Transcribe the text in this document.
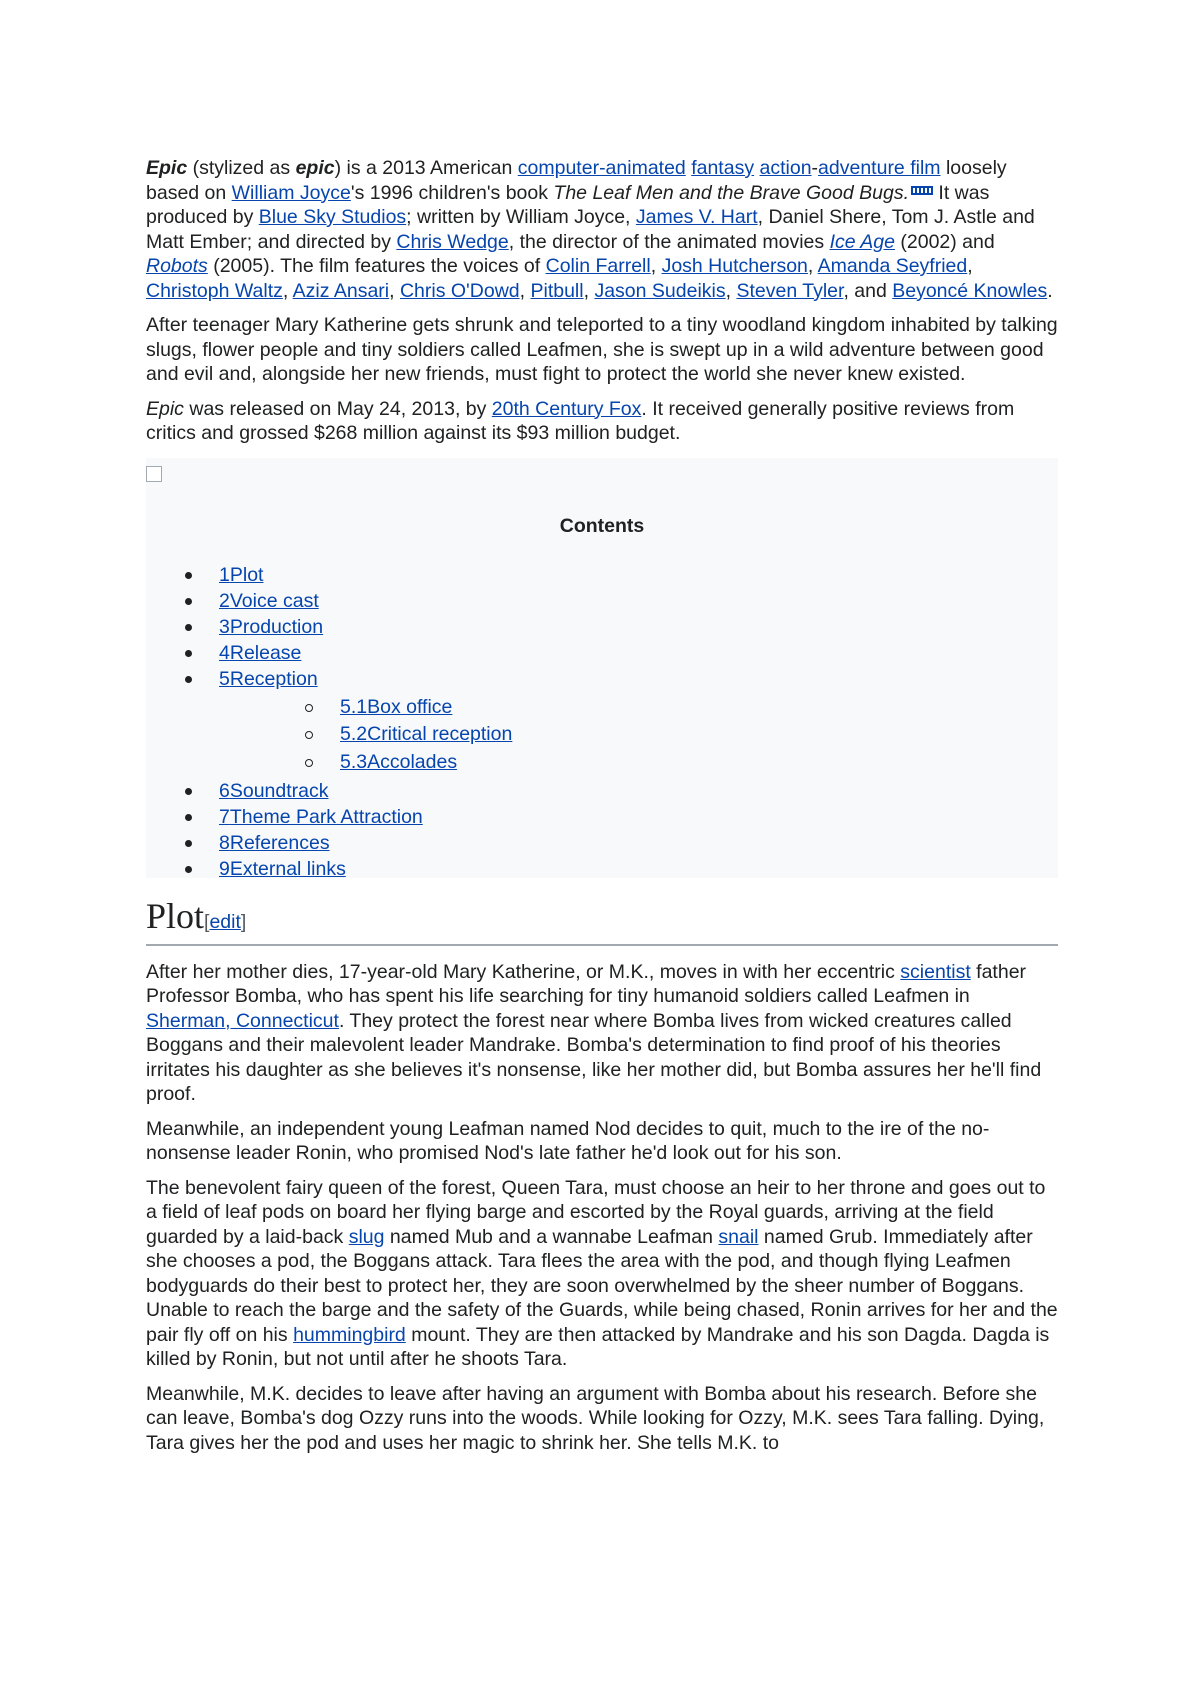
Epic (stylized as epic) is a 2013 American computer-animated fantasy action-adventure film loosely based on William Joyce's 1996 children's book The Leaf Men and the Brave Good Bugs. It was produced by Blue Sky Studios; written by William Joyce, James V. Hart, Daniel Shere, Tom J. Astle and Matt Ember; and directed by Chris Wedge, the director of the animated movies Ice Age (2002) and Robots (2005). The film features the voices of Colin Farrell, Josh Hutcherson, Amanda Seyfried, Christoph Waltz, Aziz Ansari, Chris O'Dowd, Pitbull, Jason Sudeikis, Steven Tyler, and Beyoncé Knowles.

After teenager Mary Katherine gets shrunk and teleported to a tiny woodland kingdom inhabited by talking slugs, flower people and tiny soldiers called Leafmen, she is swept up in a wild adventure between good and evil and, alongside her new friends, must fight to protect the world she never knew existed.

Epic was released on May 24, 2013, by 20th Century Fox. It received generally positive reviews from critics and grossed $268 million against its $93 million budget.

Contents
1Plot
2Voice cast
3Production
4Release
5Reception
5.1Box office
5.2Critical reception
5.3Accolades
6Soundtrack
7Theme Park Attraction
8References
9External links
Plot[edit]

After her mother dies, 17-year-old Mary Katherine, or M.K., moves in with her eccentric scientist father Professor Bomba, who has spent his life searching for tiny humanoid soldiers called Leafmen in Sherman, Connecticut. They protect the forest near where Bomba lives from wicked creatures called Boggans and their malevolent leader Mandrake. Bomba's determination to find proof of his theories irritates his daughter as she believes it's nonsense, like her mother did, but Bomba assures her he'll find proof.

Meanwhile, an independent young Leafman named Nod decides to quit, much to the ire of the no-nonsense leader Ronin, who promised Nod's late father he'd look out for his son.

The benevolent fairy queen of the forest, Queen Tara, must choose an heir to her throne and goes out to a field of leaf pods on board her flying barge and escorted by the Royal guards, arriving at the field guarded by a laid-back slug named Mub and a wannabe Leafman snail named Grub. Immediately after she chooses a pod, the Boggans attack. Tara flees the area with the pod, and though flying Leafmen bodyguards do their best to protect her, they are soon overwhelmed by the sheer number of Boggans. Unable to reach the barge and the safety of the Guards, while being chased, Ronin arrives for her and the pair fly off on his hummingbird mount. They are then attacked by Mandrake and his son Dagda. Dagda is killed by Ronin, but not until after he shoots Tara.

Meanwhile, M.K. decides to leave after having an argument with Bomba about his research. Before she can leave, Bomba's dog Ozzy runs into the woods. While looking for Ozzy, M.K. sees Tara falling. Dying, Tara gives her the pod and uses her magic to shrink her. She tells M.K. to
